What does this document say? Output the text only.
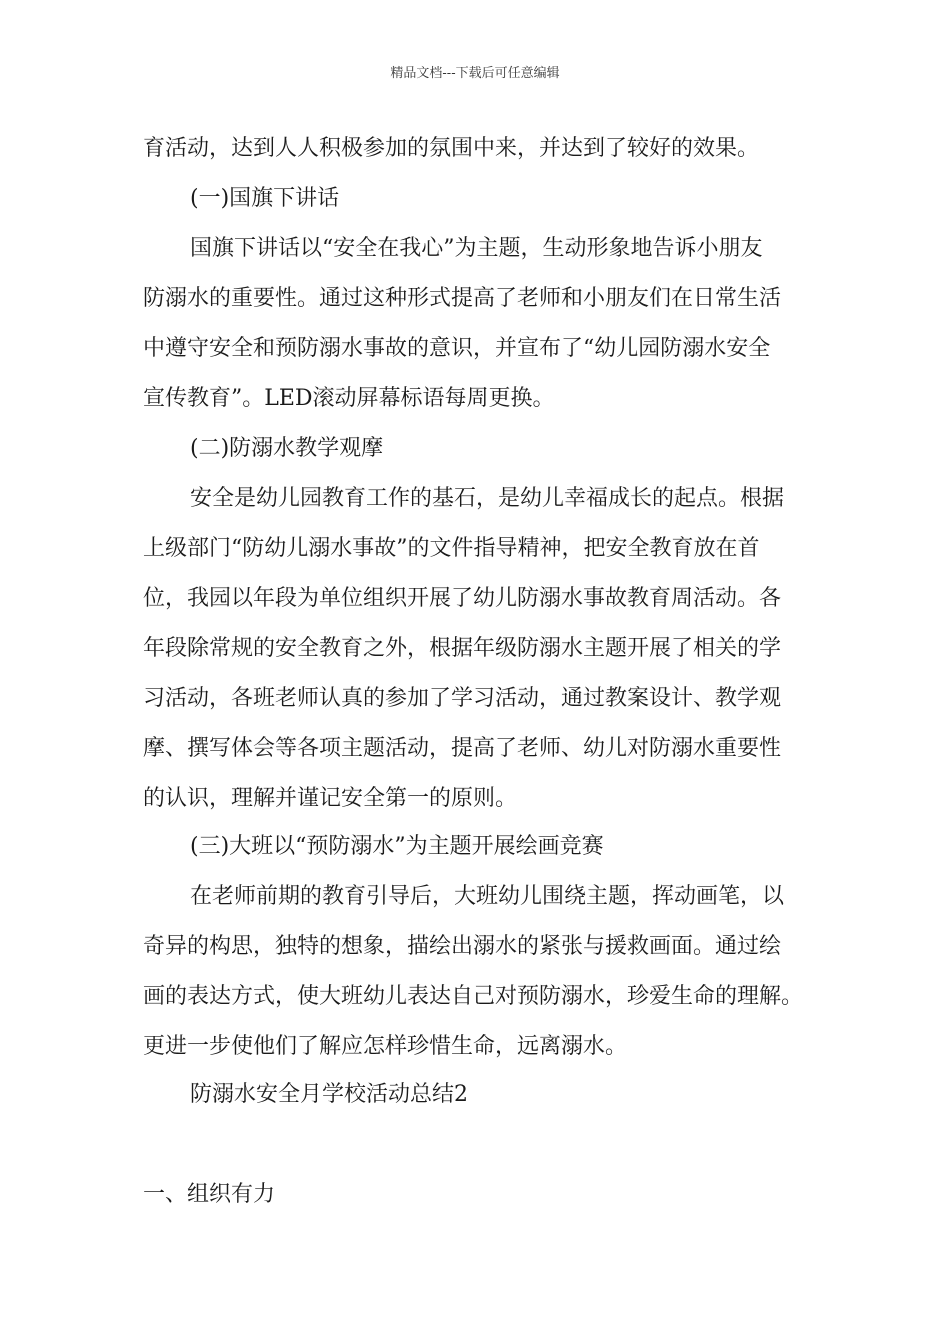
精品文档---下载后可任意编辑
育活动，达到人人积极参加的氛围中来，并达到了较好的效果。
(一)国旗下讲话
国旗下讲话以“安全在我心”为主题，生动形象地告诉小朋友
防溺水的重要性。通过这种形式提高了老师和小朋友们在日常生活
中遵守安全和预防溺水事故的意识，并宣布了“幼儿园防溺水安全
宣传教育”。LED滚动屏幕标语每周更换。
(二)防溺水教学观摩
安全是幼儿园教育工作的基石，是幼儿幸福成长的起点。根据
上级部门“防幼儿溺水事故”的文件指导精神，把安全教育放在首
位，我园以年段为单位组织开展了幼儿防溺水事故教育周活动。各
年段除常规的安全教育之外，根据年级防溺水主题开展了相关的学
习活动，各班老师认真的参加了学习活动，通过教案设计、教学观
摩、撰写体会等各项主题活动，提高了老师、幼儿对防溺水重要性
的认识，理解并谨记安全第一的原则。
(三)大班以“预防溺水”为主题开展绘画竞赛
在老师前期的教育引导后，大班幼儿围绕主题，挥动画笔，以
奇异的构思，独特的想象，描绘出溺水的紧张与援救画面。通过绘
画的表达方式，使大班幼儿表达自己对预防溺水，珍爱生命的理解。
更进一步使他们了解应怎样珍惜生命，远离溺水。
防溺水安全月学校活动总结2
一、组织有力
